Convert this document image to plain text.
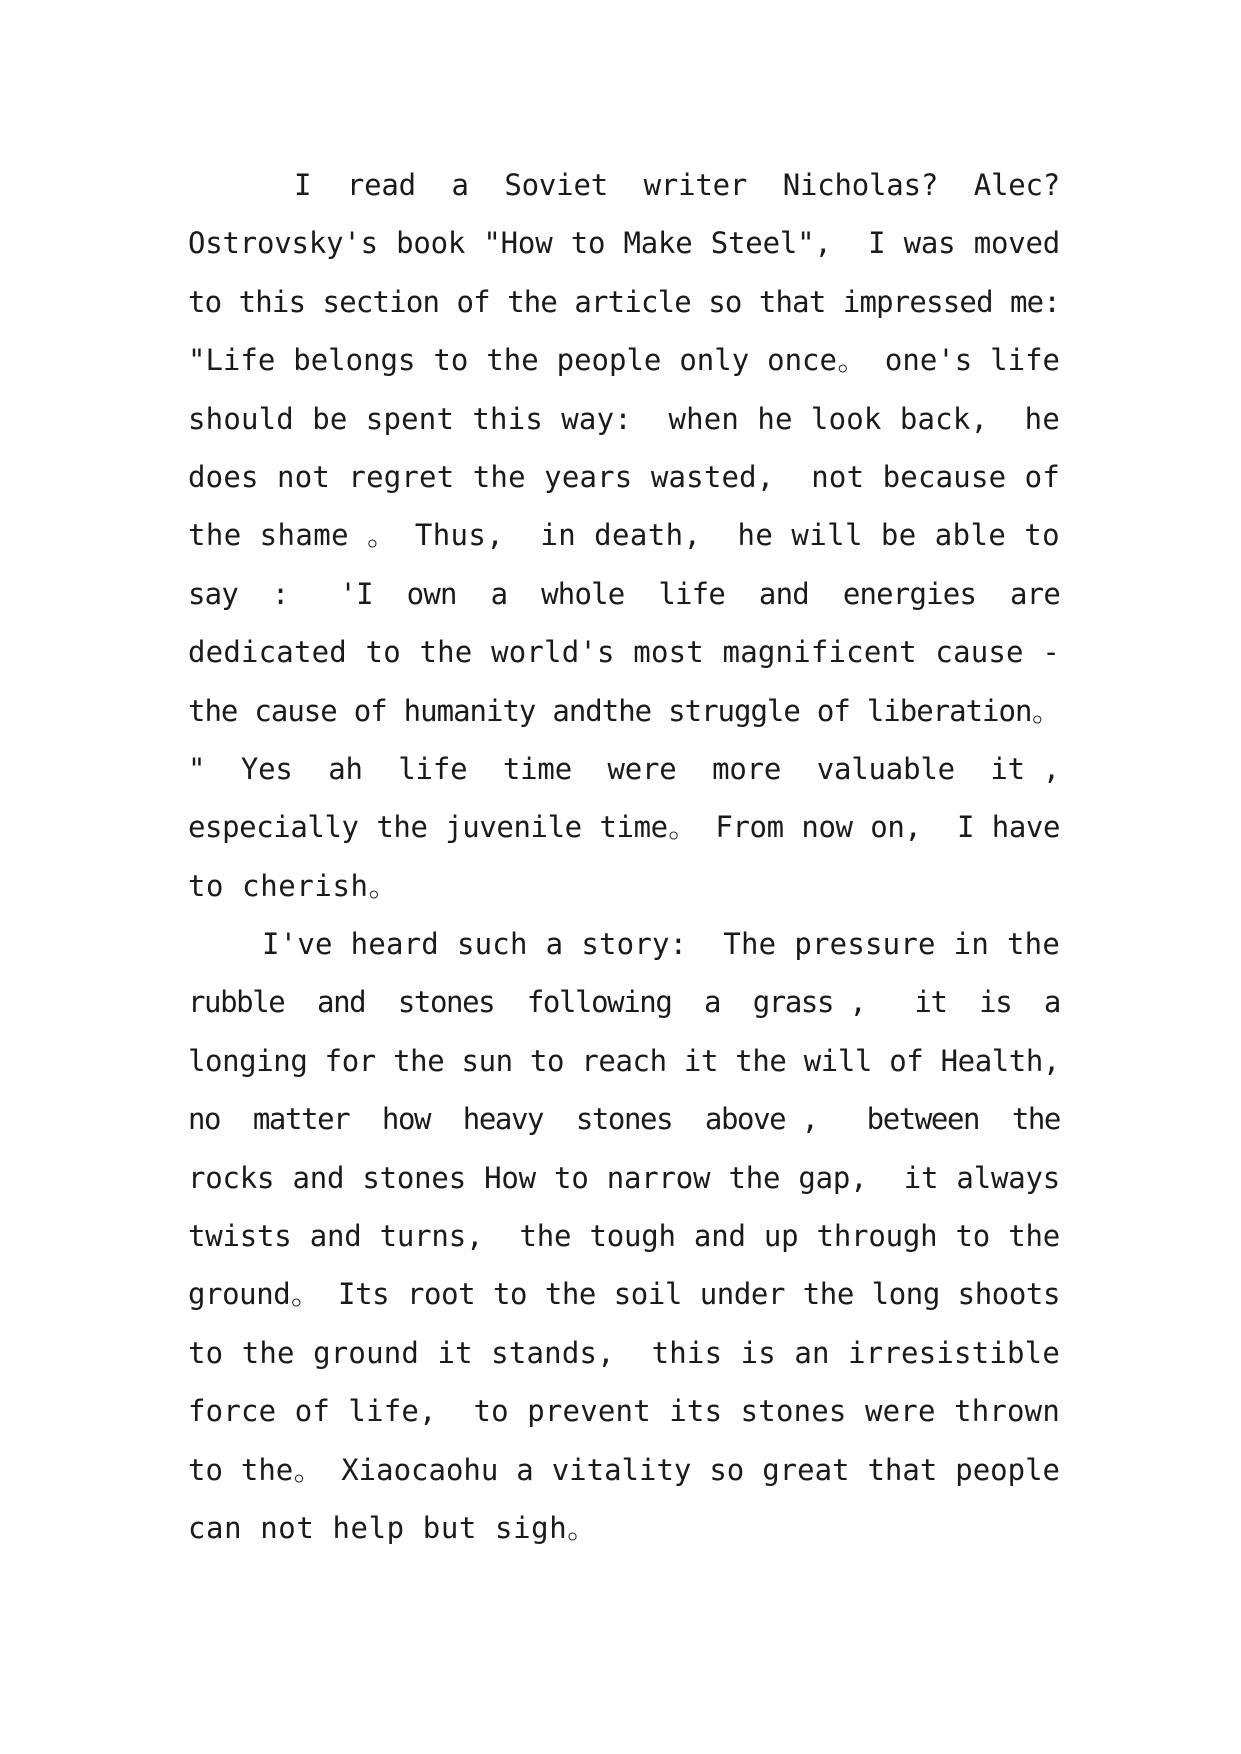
I  read  a  Soviet  writer  Nicholas?  Alec?
Ostrovsky's book "How to Make Steel",  I was moved
to this section of the article so that impressed me:
"Life belongs to the people only once。 one's life
should be spent this way:  when he look back,  he
does not regret the years wasted,  not because of
the shame 。 Thus,  in death,  he will be able to
say  :   'I  own  a  whole  life  and  energies  are
dedicated to the world's most magnificent cause -
the cause of humanity andthe struggle of liberation。
"  Yes  ah  life  time  were  more  valuable  it ,
especially the juvenile time。 From now on,  I have
to cherish。
I've heard such a story:  The pressure in the
rubble  and  stones  following  a  grass ,   it  is  a
longing for the sun to reach it the will of Health,
no  matter  how  heavy  stones  above ,   between  the
rocks and stones How to narrow the gap,  it always
twists and turns,  the tough and up through to the
ground。 Its root to the soil under the long shoots
to the ground it stands,  this is an irresistible
force of life,  to prevent its stones were thrown
to the。 Xiaocaohu a vitality so great that people
can not help but sigh。
